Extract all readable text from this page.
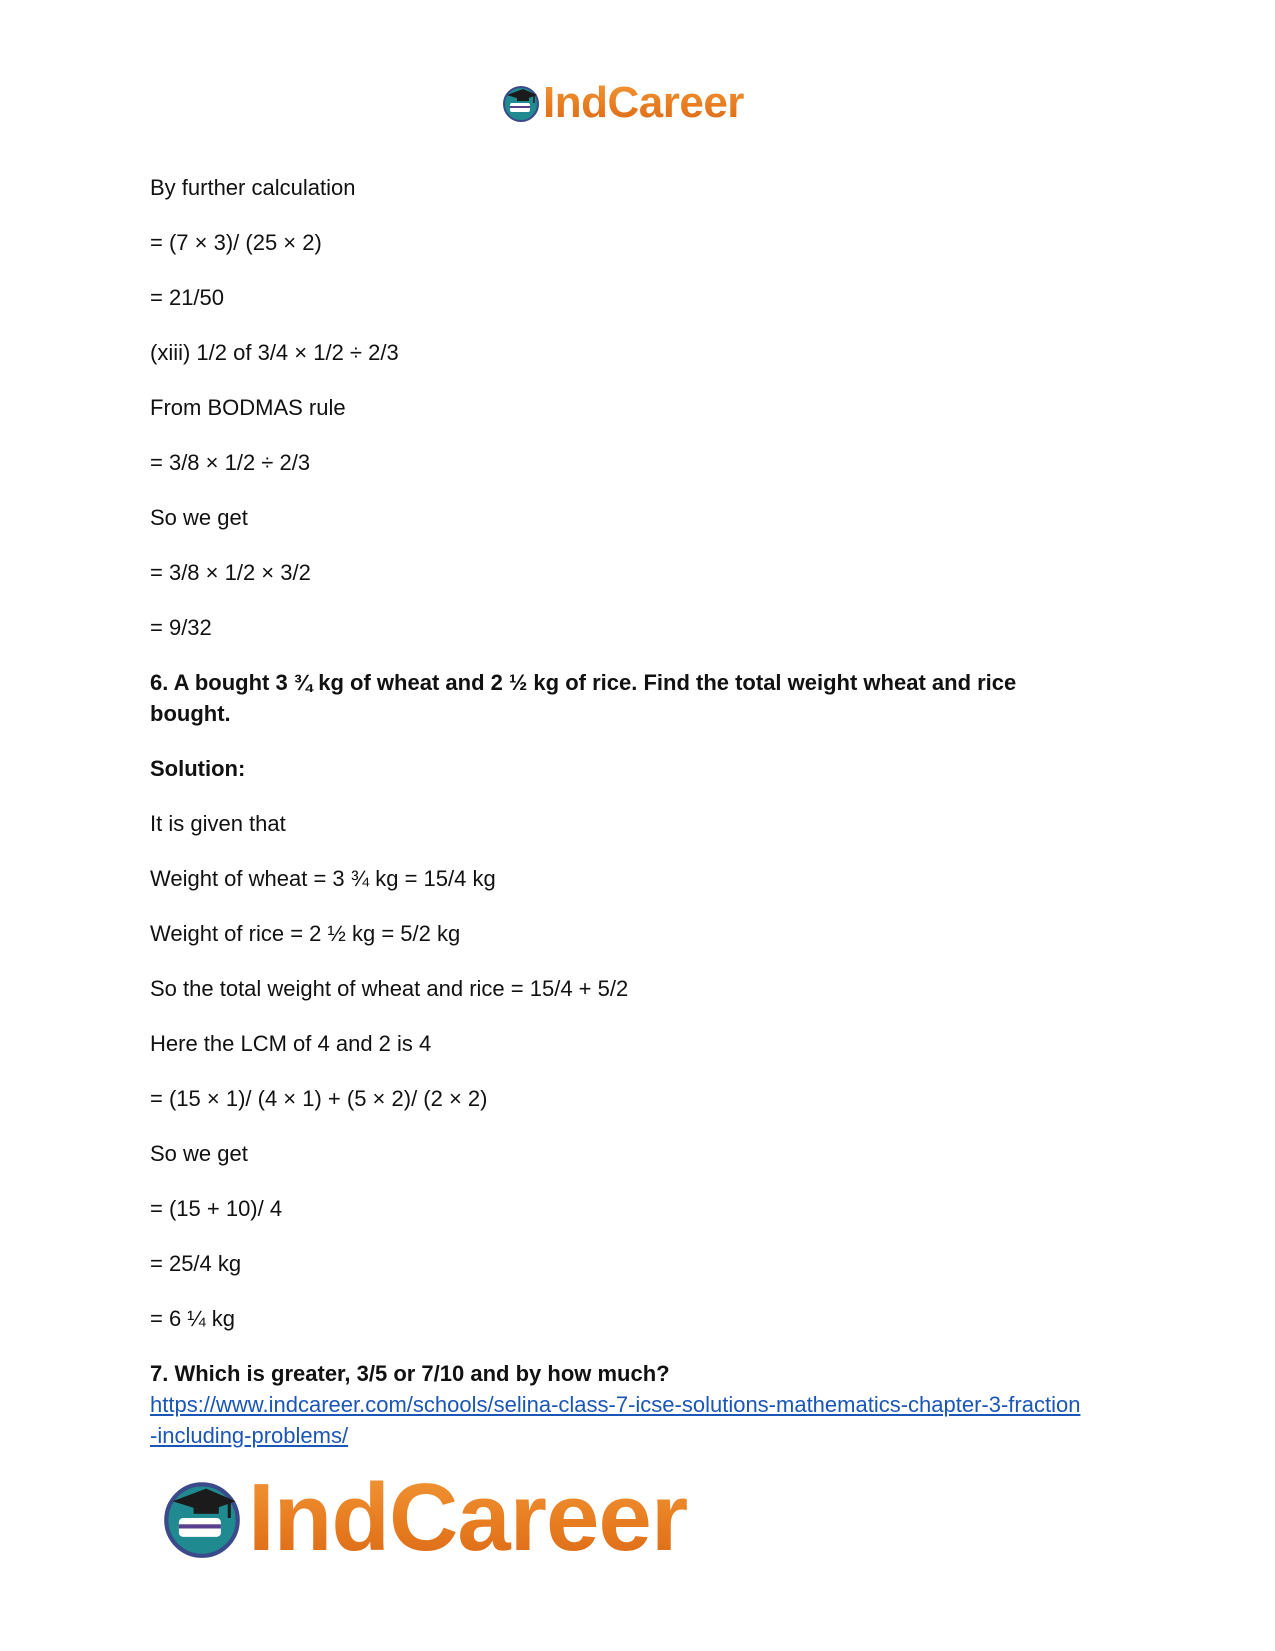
IndCareer

By further calculation

= (7 × 3)/ (25 × 2)

= 21/50

(xiii) 1/2 of 3/4 × 1/2 ÷ 2/3

From BODMAS rule

= 3/8 × 1/2 ÷ 2/3

So we get

= 3/8 × 1/2 × 3/2

= 9/32

6. A bought 3 ¾ kg of wheat and 2 ½ kg of rice. Find the total weight wheat and rice

bought.

Solution:

It is given that

Weight of wheat = 3 ¾ kg = 15/4 kg

Weight of rice = 2 ½ kg = 5/2 kg

So the total weight of wheat and rice = 15/4 + 5/2

Here the LCM of 4 and 2 is 4

= (15 × 1)/ (4 × 1) + (5 × 2)/ (2 × 2)

So we get

= (15 + 10)/ 4

= 25/4 kg

= 6 ¼ kg

7. Which is greater, 3/5 or 7/10 and by how much?

https://www.indcareer.com/schools/selina-class-7-icse-solutions-mathematics-chapter-3-fraction
-including-problems/
IndCareer
